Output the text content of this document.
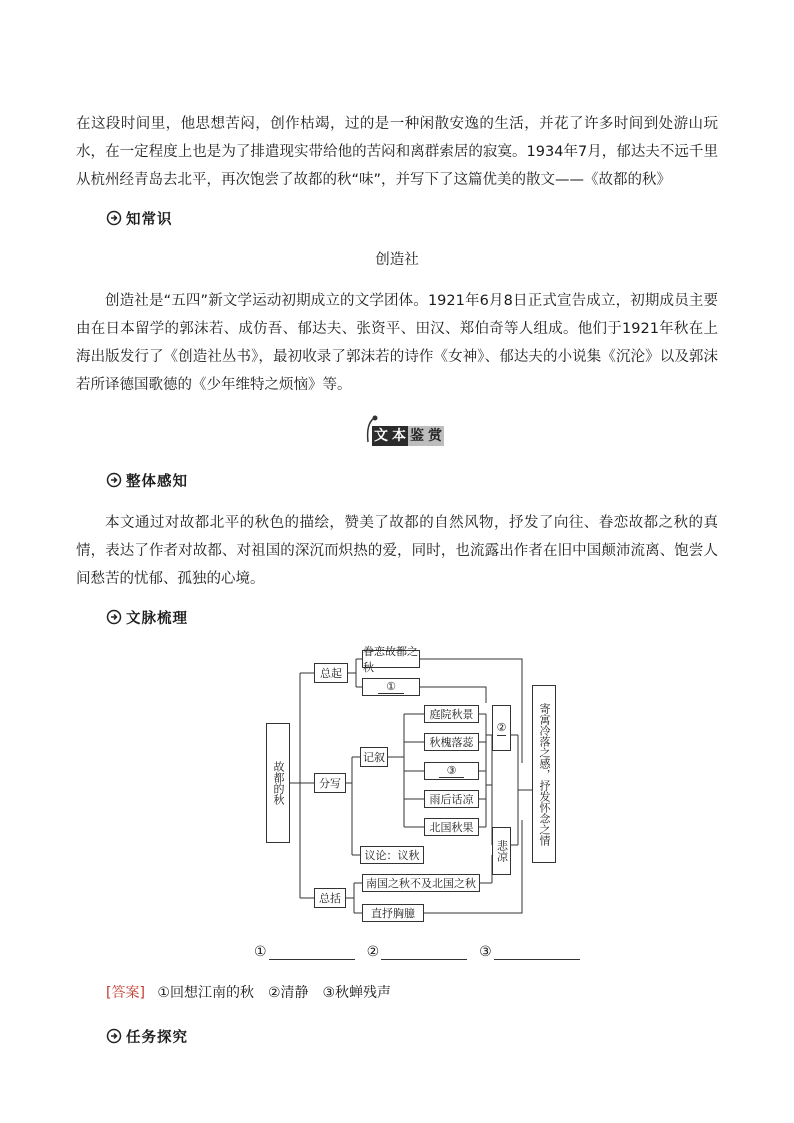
在这段时间里，他思想苦闷，创作枯竭，过的是一种闲散安逸的生活，并花了许多时间到处游山玩水，在一定程度上也是为了排遣现实带给他的苦闷和离群索居的寂寞。1934年7月，郁达夫不远千里从杭州经青岛去北平，再次饱尝了故都的秋“味”，并写下了这篇优美的散文——《故都的秋》

知常识
创造社

创造社是“五四”新文学运动初期成立的文学团体。1921年6月8日正式宣告成立，初期成员主要由在日本留学的郭沫若、成仿吾、郁达夫、张资平、田汉、郑伯奇等人组成。他们于1921年秋在上海出版发行了《创造社丛书》，最初收录了郭沫若的诗作《女神》、郁达夫的小说集《沉沦》以及郭沫若所译德国歌德的《少年维特之烦恼》等。

文 本 鉴 赏
整体感知

本文通过对故都北平的秋色的描绘，赞美了故都的自然风物，抒发了向往、眷恋故都之秋的真情，表达了作者对故都、对祖国的深沉而炽热的爱，同时，也流露出作者在旧中国颠沛流离、饱尝人间愁苦的忧郁、孤独的心境。

文脉梳理
故都的秋
总起
分写
总括
眷恋故都之秋
①
记叙
庭院秋景
秋槐落蕊
③
雨后话凉
北国秋果
议论：议秋
南国之秋不及北国之秋
直抒胸臆
②
悲凉
寄寓冷落之感，抒发怀念之情
①	②	③
[答案] ①回想江南的秋　②清静　③秋蝉残声
任务探究
